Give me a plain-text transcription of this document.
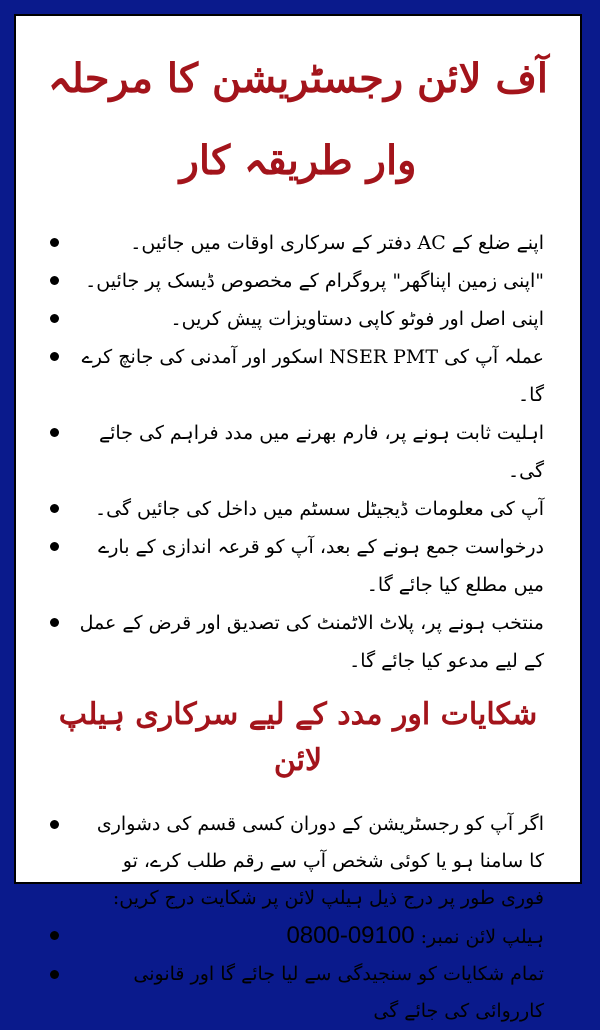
آف لائن رجسٹریشن کا مرحلہ وار طریقہ کار
اپنے ضلع کے AC دفتر کے سرکاری اوقات میں جائیں۔
"اپنی زمین اپناگھر" پروگرام کے مخصوص ڈیسک پر جائیں۔
اپنی اصل اور فوٹو کاپی دستاویزات پیش کریں۔
عملہ آپ کی NSER PMT اسکور اور آمدنی کی جانچ کرے گا۔
اہلیت ثابت ہونے پر، فارم بھرنے میں مدد فراہم کی جائے گی۔
آپ کی معلومات ڈیجیٹل سسٹم میں داخل کی جائیں گی۔
درخواست جمع ہونے کے بعد، آپ کو قرعہ اندازی کے بارے میں مطلع کیا جائے گا۔
منتخب ہونے پر، پلاٹ الاٹمنٹ کی تصدیق اور قرض کے عمل کے لیے مدعو کیا جائے گا۔
شکایات اور مدد کے لیے سرکاری ہیلپ لائن
اگر آپ کو رجسٹریشن کے دوران کسی قسم کی دشواری کا سامنا ہو یا کوئی شخص آپ سے رقم طلب کرے، تو فوری طور پر درج ذیل ہیلپ لائن پر شکایت درج کریں:
ہیلپ لائن نمبر: 0800-09100
تمام شکایات کو سنجیدگی سے لیا جائے گا اور قانونی کارروائی کی جائے گی
